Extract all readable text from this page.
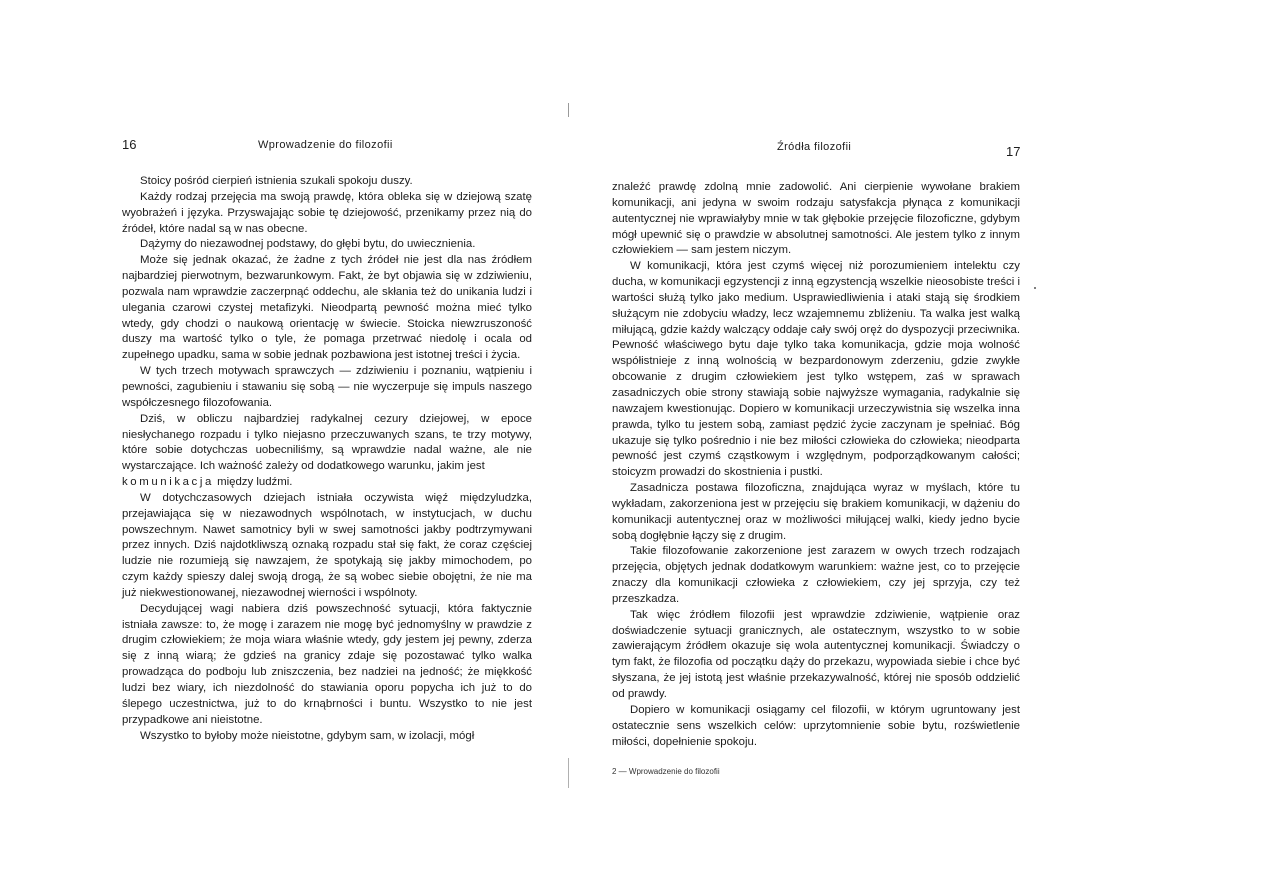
16	Wprowadzenie do filozofii

Stoicy pośród cierpień istnienia szukali spokoju duszy.

Każdy rodzaj przejęcia ma swoją prawdę, która obleka się w dziejową szatę wyobrażeń i języka. Przyswajając sobie tę dziejowość, przenikamy przez nią do źródeł, które nadal są w nas obecne.

Dążymy do niezawodnej podstawy, do głębi bytu, do uwiecznienia.

Może się jednak okazać, że żadne z tych źródeł nie jest dla nas źródłem najbardziej pierwotnym, bezwarunkowym. Fakt, że byt objawia się w zdziwieniu, pozwala nam wprawdzie zaczerpnąć oddechu, ale skłania też do unikania ludzi i ulegania czarowi czystej metafizyki. Nieodpartą pewność można mieć tylko wtedy, gdy chodzi o naukową orientację w świecie. Stoicka niewzruszoność duszy ma wartość tylko o tyle, że pomaga przetrwać niedolę i ocala od zupełnego upadku, sama w sobie jednak pozbawiona jest istotnej treści i życia.

W tych trzech motywach sprawczych — zdziwieniu i poznaniu, wątpieniu i pewności, zagubieniu i stawaniu się sobą — nie wyczerpuje się impuls naszego współczesnego filozofowania.

Dziś, w obliczu najbardziej radykalnej cezury dziejowej, w epoce niesłychanego rozpadu i tylko niejasno przeczuwanych szans, te trzy motywy, które sobie dotychczas uobecniliśmy, są wprawdzie nadal ważne, ale nie wystarczające. Ich ważność zależy od dodatkowego warunku, jakim jest
komunikacja między ludźmi.

W dotychczasowych dziejach istniała oczywista więź międzyludzka, przejawiająca się w niezawodnych wspólnotach, w instytucjach, w duchu powszechnym. Nawet samotnicy byli w swej samotności jakby podtrzymywani przez innych. Dziś najdotkliwszą oznaką rozpadu stał się fakt, że coraz częściej ludzie nie rozumieją się nawzajem, że spotykają się jakby mimochodem, po czym każdy spieszy dalej swoją drogą, że są wobec siebie obojętni, że nie ma już niekwestionowanej, niezawodnej wierności i wspólnoty.

Decydującej wagi nabiera dziś powszechność sytuacji, która faktycznie istniała zawsze: to, że mogę i zarazem nie mogę być jednomyślny w prawdzie z drugim człowiekiem; że moja wiara właśnie wtedy, gdy jestem jej pewny, zderza się z inną wiarą; że gdzieś na granicy zdaje się pozostawać tylko walka prowadząca do podboju lub zniszczenia, bez nadziei na jedność; że miękkość ludzi bez wiary, ich niezdolność do stawiania oporu popycha ich już to do ślepego uczestnictwa, już to do krnąbrności i buntu. Wszystko to nie jest przypadkowe ani nieistotne.

Wszystko to byłoby może nieistotne, gdybym sam, w izolacji, mógł

Źródła filozofii	17

znaleźć prawdę zdolną mnie zadowolić. Ani cierpienie wywołane brakiem komunikacji, ani jedyna w swoim rodzaju satysfakcja płynąca z komunikacji autentycznej nie wprawiałyby mnie w tak głębokie przejęcie filozoficzne, gdybym mógł upewnić się o prawdzie w absolutnej samotności. Ale jestem tylko z innym człowiekiem — sam jestem niczym.

W komunikacji, która jest czymś więcej niż porozumieniem intelektu czy ducha, w komunikacji egzystencji z inną egzystencją wszelkie nieosobiste treści i wartości służą tylko jako medium. Usprawiedliwienia i ataki stają się środkiem służącym nie zdobyciu władzy, lecz wzajemnemu zbliżeniu. Ta walka jest walką miłującą, gdzie każdy walczący oddaje cały swój oręż do dyspozycji przeciwnika. Pewność właściwego bytu daje tylko taka komunikacja, gdzie moja wolność współistnieje z inną wolnością w bezpardonowym zderzeniu, gdzie zwykłe obcowanie z drugim człowiekiem jest tylko wstępem, zaś w sprawach zasadniczych obie strony stawiają sobie najwyższe wymagania, radykalnie się nawzajem kwestionując. Dopiero w komunikacji urzeczywistnia się wszelka inna prawda, tylko tu jestem sobą, zamiast pędzić życie zaczynam je spełniać. Bóg ukazuje się tylko pośrednio i nie bez miłości człowieka do człowieka; nieodparta pewność jest czymś cząstkowym i względnym, podporządkowanym całości; stoicyzm prowadzi do skostnienia i pustki.

Zasadnicza postawa filozoficzna, znajdująca wyraz w myślach, które tu wykładam, zakorzeniona jest w przejęciu się brakiem komunikacji, w dążeniu do komunikacji autentycznej oraz w możliwości miłującej walki, kiedy jedno bycie sobą dogłębnie łączy się z drugim.

Takie filozofowanie zakorzenione jest zarazem w owych trzech rodzajach przejęcia, objętych jednak dodatkowym warunkiem: ważne jest, co to przejęcie znaczy dla komunikacji człowieka z człowiekiem, czy jej sprzyja, czy też przeszkadza.

Tak więc źródłem filozofii jest wprawdzie zdziwienie, wątpienie oraz doświadczenie sytuacji granicznych, ale ostatecznym, wszystko to w sobie zawierającym źródłem okazuje się wola autentycznej komunikacji. Świadczy o tym fakt, że filozofia od początku dąży do przekazu, wypowiada siebie i chce być słyszana, że jej istotą jest właśnie przekazywalność, której nie sposób oddzielić od prawdy.

Dopiero w komunikacji osiągamy cel filozofii, w którym ugruntowany jest ostatecznie sens wszelkich celów: uprzytomnienie sobie bytu, rozświetlenie miłości, dopełnienie spokoju.

2 — Wprowadzenie do filozofii
